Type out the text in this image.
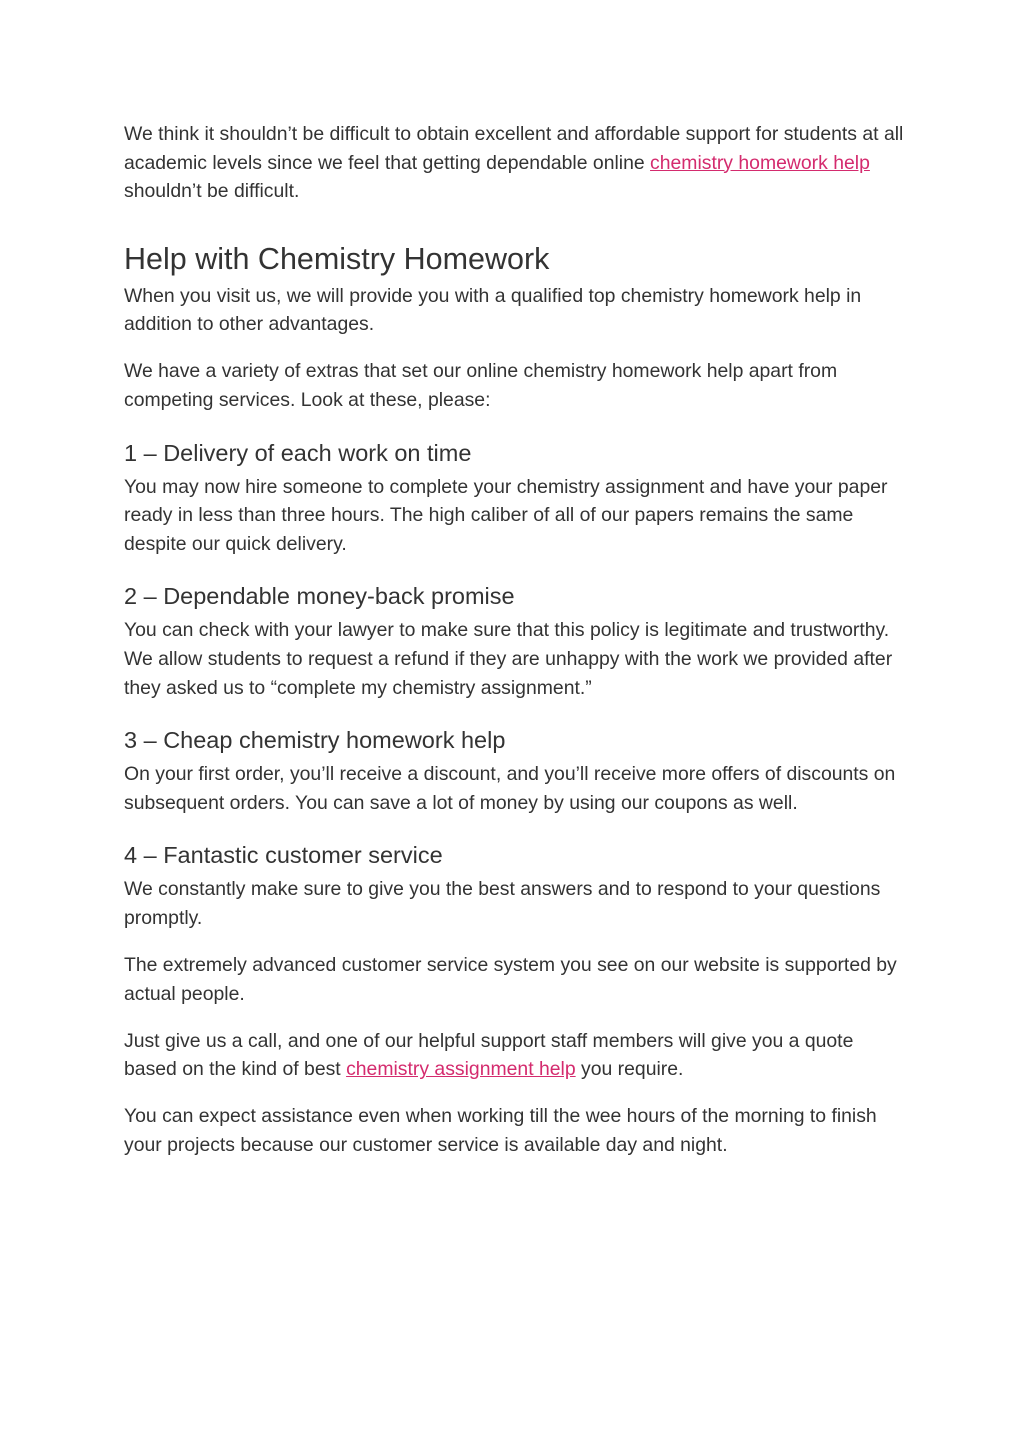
We think it shouldn’t be difficult to obtain excellent and affordable support for students at all academic levels since we feel that getting dependable online chemistry homework help shouldn’t be difficult.

Help with Chemistry Homework

When you visit us, we will provide you with a qualified top chemistry homework help in addition to other advantages.

We have a variety of extras that set our online chemistry homework help apart from competing services. Look at these, please:

1 – Delivery of each work on time

You may now hire someone to complete your chemistry assignment and have your paper ready in less than three hours. The high caliber of all of our papers remains the same despite our quick delivery.

2 – Dependable money-back promise

You can check with your lawyer to make sure that this policy is legitimate and trustworthy. We allow students to request a refund if they are unhappy with the work we provided after they asked us to “complete my chemistry assignment.”

3 – Cheap chemistry homework help

On your first order, you’ll receive a discount, and you’ll receive more offers of discounts on subsequent orders. You can save a lot of money by using our coupons as well.

4 – Fantastic customer service

We constantly make sure to give you the best answers and to respond to your questions promptly.

The extremely advanced customer service system you see on our website is supported by actual people.

Just give us a call, and one of our helpful support staff members will give you a quote based on the kind of best chemistry assignment help you require.

You can expect assistance even when working till the wee hours of the morning to finish your projects because our customer service is available day and night.
